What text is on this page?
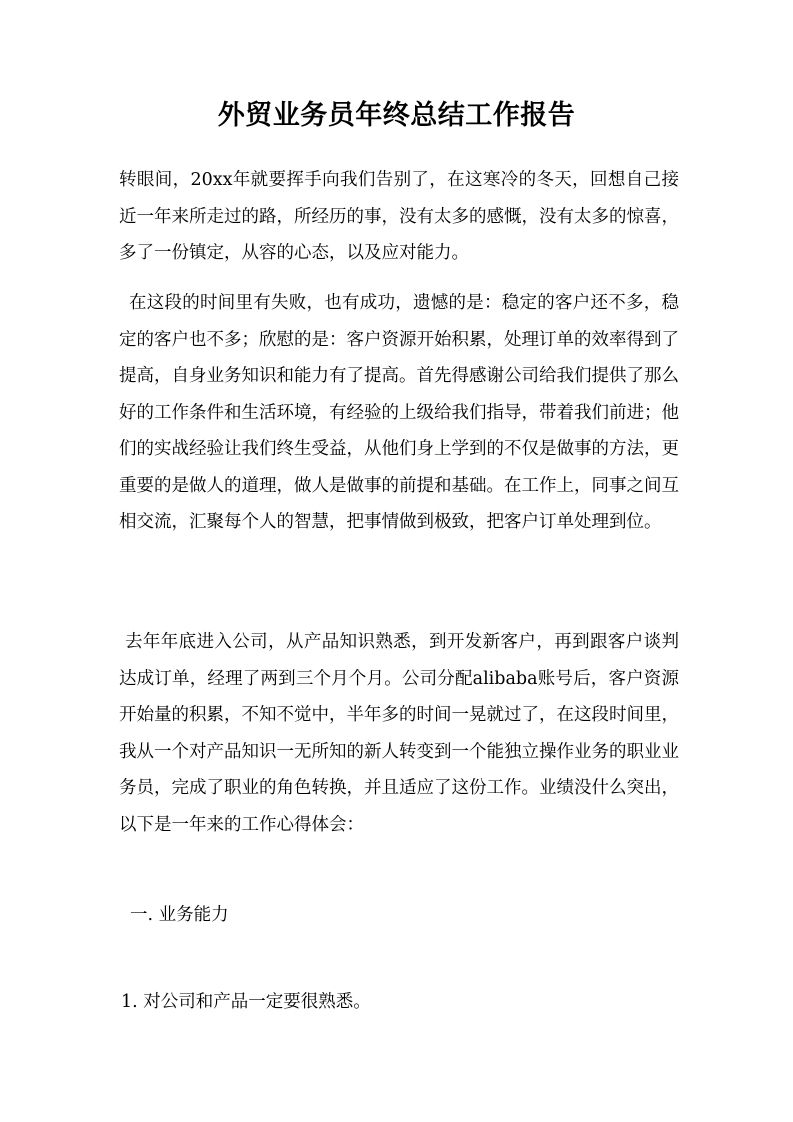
外贸业务员年终总结工作报告
转眼间，20xx年就要挥手向我们告别了，在这寒冷的冬天，回想自己接近一年来所走过的路，所经历的事，没有太多的感慨，没有太多的惊喜，多了一份镇定，从容的心态，以及应对能力。
在这段的时间里有失败，也有成功，遗憾的是：稳定的客户还不多，稳定的客户也不多；欣慰的是：客户资源开始积累，处理订单的效率得到了提高，自身业务知识和能力有了提高。首先得感谢公司给我们提供了那么好的工作条件和生活环境，有经验的上级给我们指导，带着我们前进；他们的实战经验让我们终生受益，从他们身上学到的不仅是做事的方法，更重要的是做人的道理，做人是做事的前提和基础。在工作上，同事之间互相交流，汇聚每个人的智慧，把事情做到极致，把客户订单处理到位。
去年年底进入公司，从产品知识熟悉，到开发新客户，再到跟客户谈判达成订单，经理了两到三个月个月。公司分配alibaba账号后，客户资源开始量的积累，不知不觉中，半年多的时间一晃就过了，在这段时间里，我从一个对产品知识一无所知的新人转变到一个能独立操作业务的职业业务员，完成了职业的角色转换，并且适应了这份工作。业绩没什么突出，以下是一年来的工作心得体会：
一. 业务能力
1. 对公司和产品一定要很熟悉。
